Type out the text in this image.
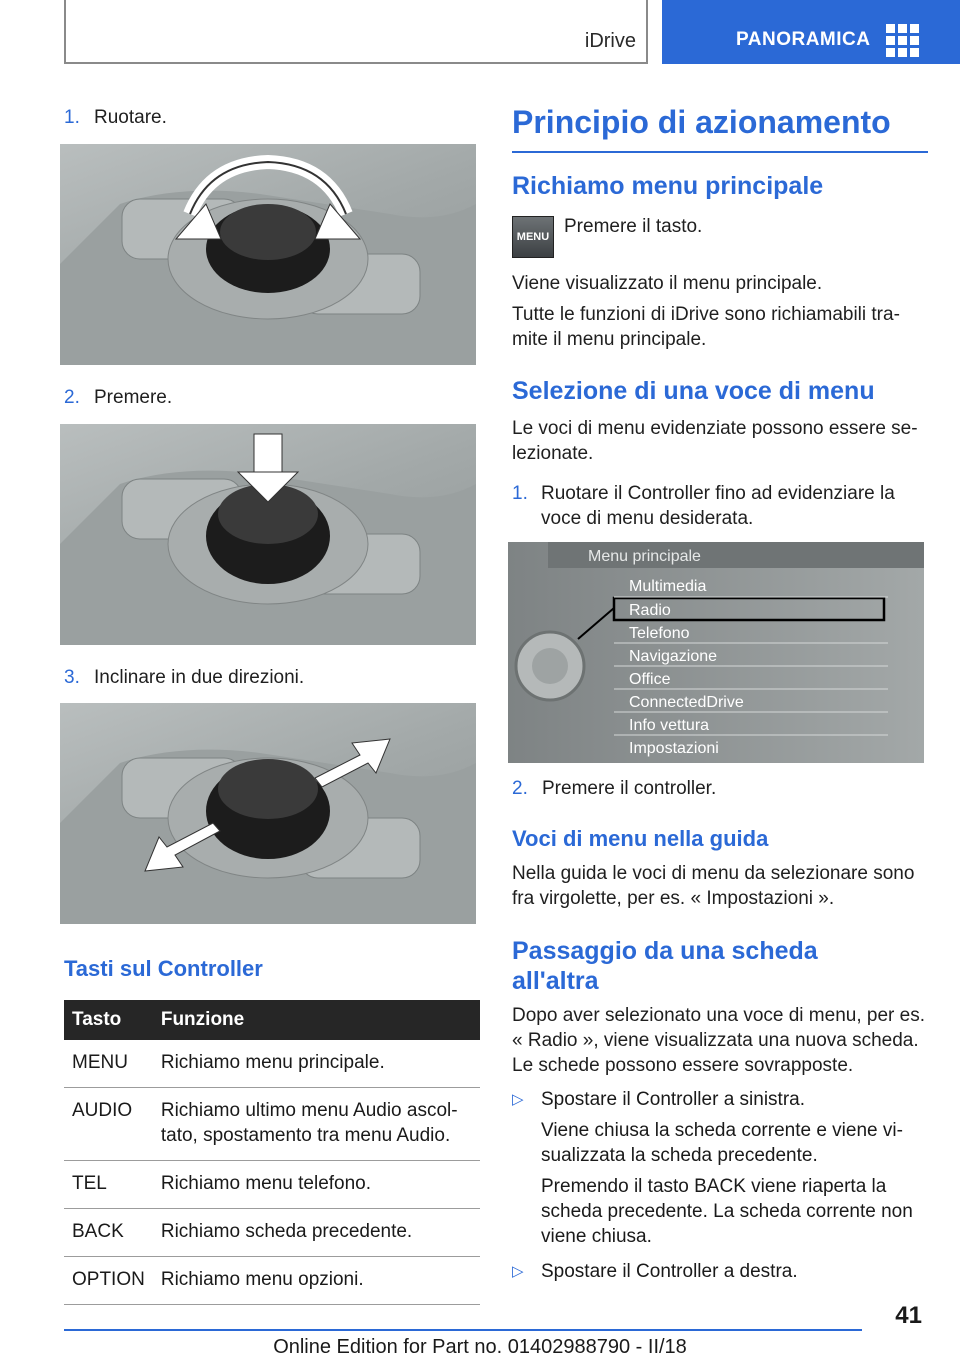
iDrive	PANORAMICA
1. Ruotare.
2. Premere.
3. Inclinare in due direzioni.
Tasti sul Controller
Tasto	Funzione
MENU	Richiamo menu principale.
AUDIO	Richiamo ultimo menu Audio ascol-tato, spostamento tra menu Audio.
TEL	Richiamo menu telefono.
BACK	Richiamo scheda precedente.
OPTION	Richiamo menu opzioni.
Principio di azionamento
Richiamo menu principale
MENU Premere il tasto.
Viene visualizzato il menu principale.
Tutte le funzioni di iDrive sono richiamabili tra-mite il menu principale.
Selezione di una voce di menu
Le voci di menu evidenziate possono essere se-lezionate.
1. Ruotare il Controller fino ad evidenziare la voce di menu desiderata.
Menu principale
Multimedia
Radio
Telefono
Navigazione
Office
ConnectedDrive
Info vettura
Impostazioni
2. Premere il controller.
Voci di menu nella guida
Nella guida le voci di menu da selezionare sono fra virgolette, per es. « Impostazioni ».
Passaggio da una scheda
all'altra
Dopo aver selezionato una voce di menu, per es. « Radio », viene visualizzata una nuova scheda. Le schede possono essere sovrapposte.
▷ Spostare il Controller a sinistra.
Viene chiusa la scheda corrente e viene vi-sualizzata la scheda precedente.
Premendo il tasto BACK viene riaperta la scheda precedente. La scheda corrente non viene chiusa.
▷ Spostare il Controller a destra.
41
Online Edition for Part no. 01402988790 - II/18
